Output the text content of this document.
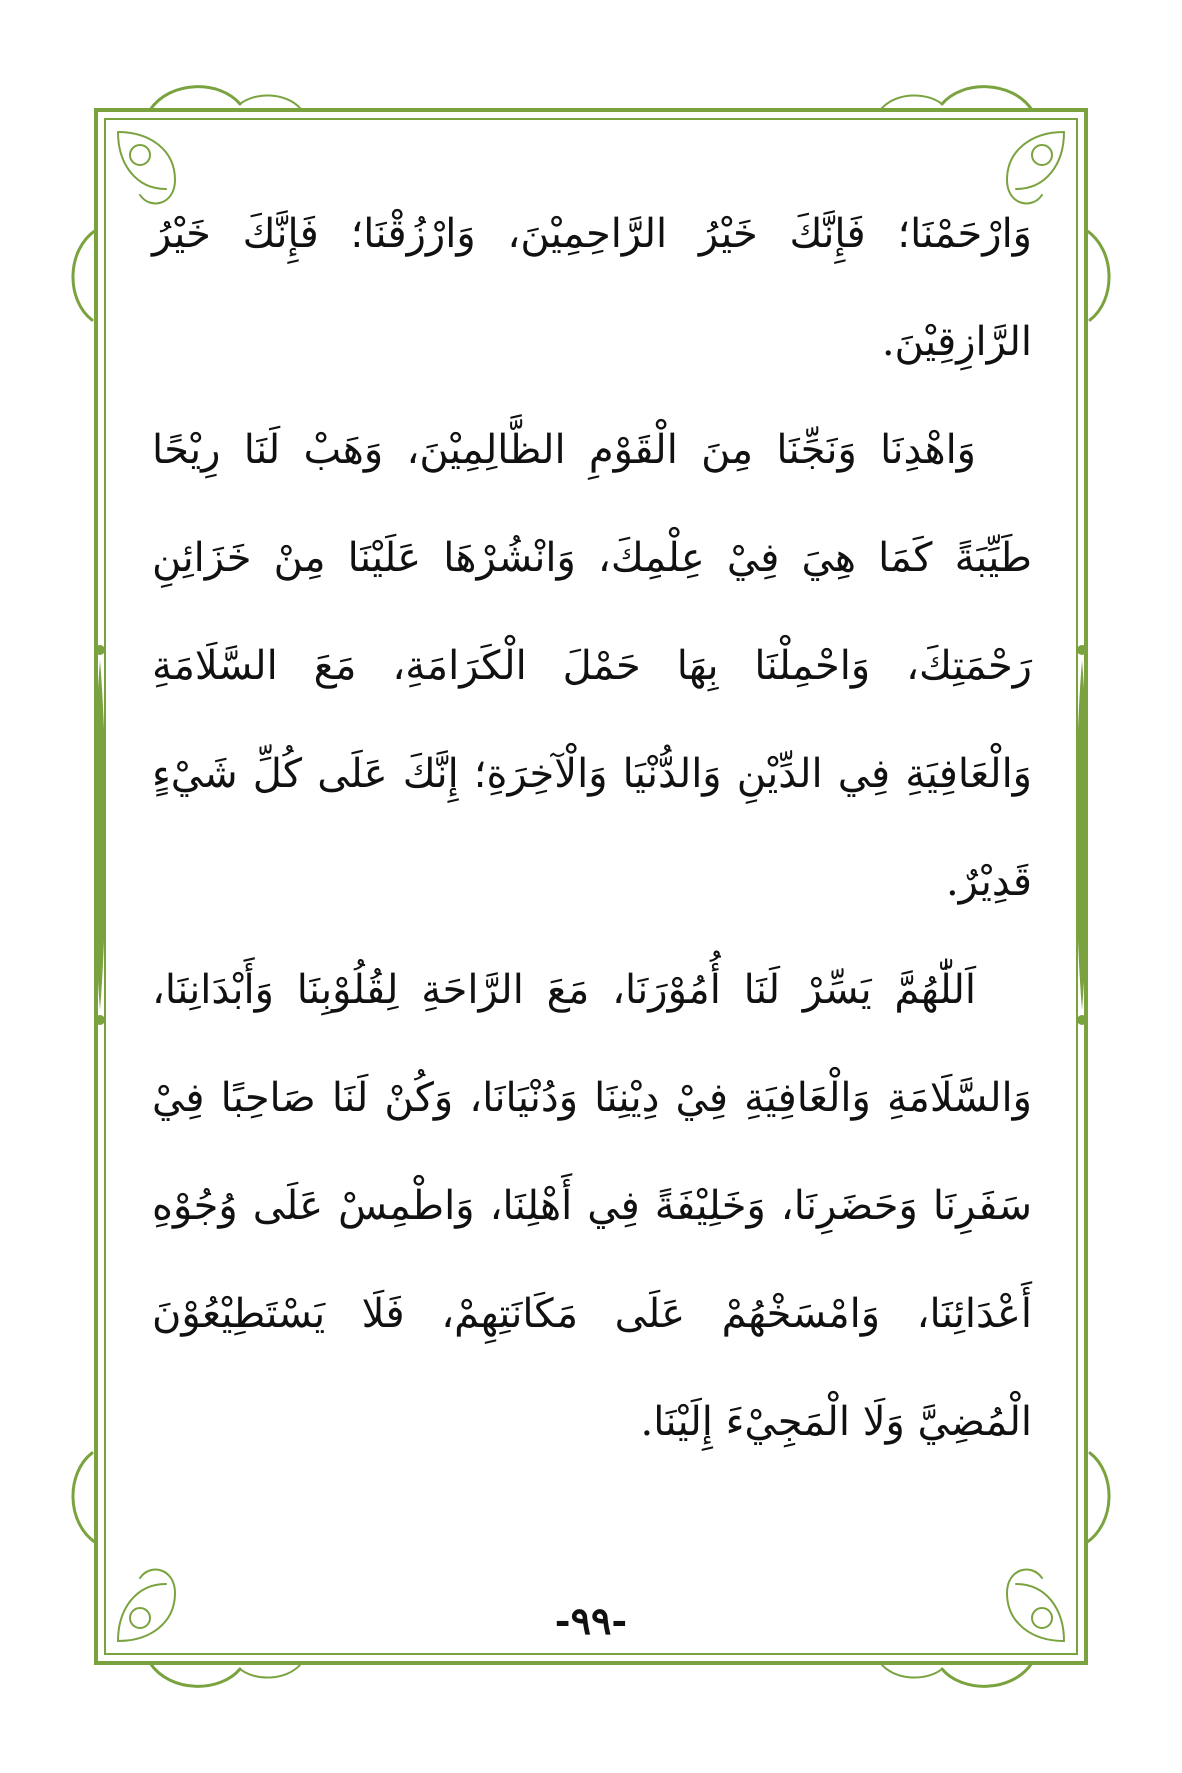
وَارْحَمْنَا؛ فَإِنَّكَ خَيْرُ الرَّاحِمِيْنَ، وَارْزُقْنَا؛ فَإِنَّكَ خَيْرُ الرَّازِقِيْنَ.

وَاهْدِنَا وَنَجِّنَا مِنَ الْقَوْمِ الظَّالِمِيْنَ، وَهَبْ لَنَا رِيْحًا طَيِّبَةً كَمَا هِيَ فِيْ عِلْمِكَ، وَانْشُرْهَا عَلَيْنَا مِنْ خَزَائِنِ رَحْمَتِكَ، وَاحْمِلْنَا بِهَا حَمْلَ الْكَرَامَةِ، مَعَ السَّلَامَةِ وَالْعَافِيَةِ فِي الدِّيْنِ وَالدُّنْيَا وَالْآخِرَةِ؛ إِنَّكَ عَلَى كُلِّ شَيْءٍ قَدِيْرٌ.

اَللّٰهُمَّ يَسِّرْ لَنَا أُمُوْرَنَا، مَعَ الرَّاحَةِ لِقُلُوْبِنَا وَأَبْدَانِنَا، وَالسَّلَامَةِ وَالْعَافِيَةِ فِيْ دِيْنِنَا وَدُنْيَانَا، وَكُنْ لَنَا صَاحِبًا فِيْ سَفَرِنَا وَحَضَرِنَا، وَخَلِيْفَةً فِي أَهْلِنَا، وَاطْمِسْ عَلَى وُجُوْهِ أَعْدَائِنَا، وَامْسَخْهُمْ عَلَى مَكَانَتِهِمْ، فَلَا يَسْتَطِيْعُوْنَ الْمُضِيَّ وَلَا الْمَجِيْءَ إِلَيْنَا.

-٩٩-
